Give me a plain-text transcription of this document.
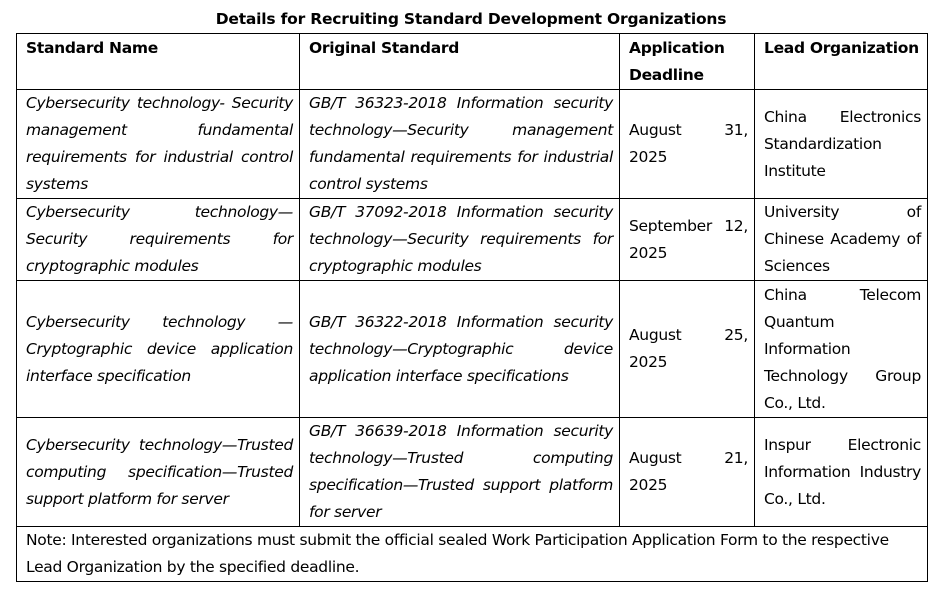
Details for Recruiting Standard Development Organizations
Standard Name	Original Standard	Application Deadline	Lead Organization
Cybersecurity technology- Security management fundamental requirements for industrial control systems	GB/T 36323-2018 Information security technology—Security management fundamental requirements for industrial control systems	August 31, 2025	China Electronics Standardization Institute
Cybersecurity technology—Security requirements for cryptographic modules	GB/T 37092-2018 Information security technology—Security requirements for cryptographic modules	September 12, 2025	University of Chinese Academy of Sciences
Cybersecurity technology — Cryptographic device application interface specification	GB/T 36322-2018 Information security technology—Cryptographic device application interface specifications	August 25, 2025	China Telecom Quantum Information Technology Group Co., Ltd.
Cybersecurity technology—Trusted computing specification—Trusted support platform for server	GB/T 36639-2018 Information security technology—Trusted computing specification—Trusted support platform for server	August 21, 2025	Inspur Electronic Information Industry Co., Ltd.
Note: Interested organizations must submit the official sealed Work Participation Application Form to the respective Lead Organization by the specified deadline.			
